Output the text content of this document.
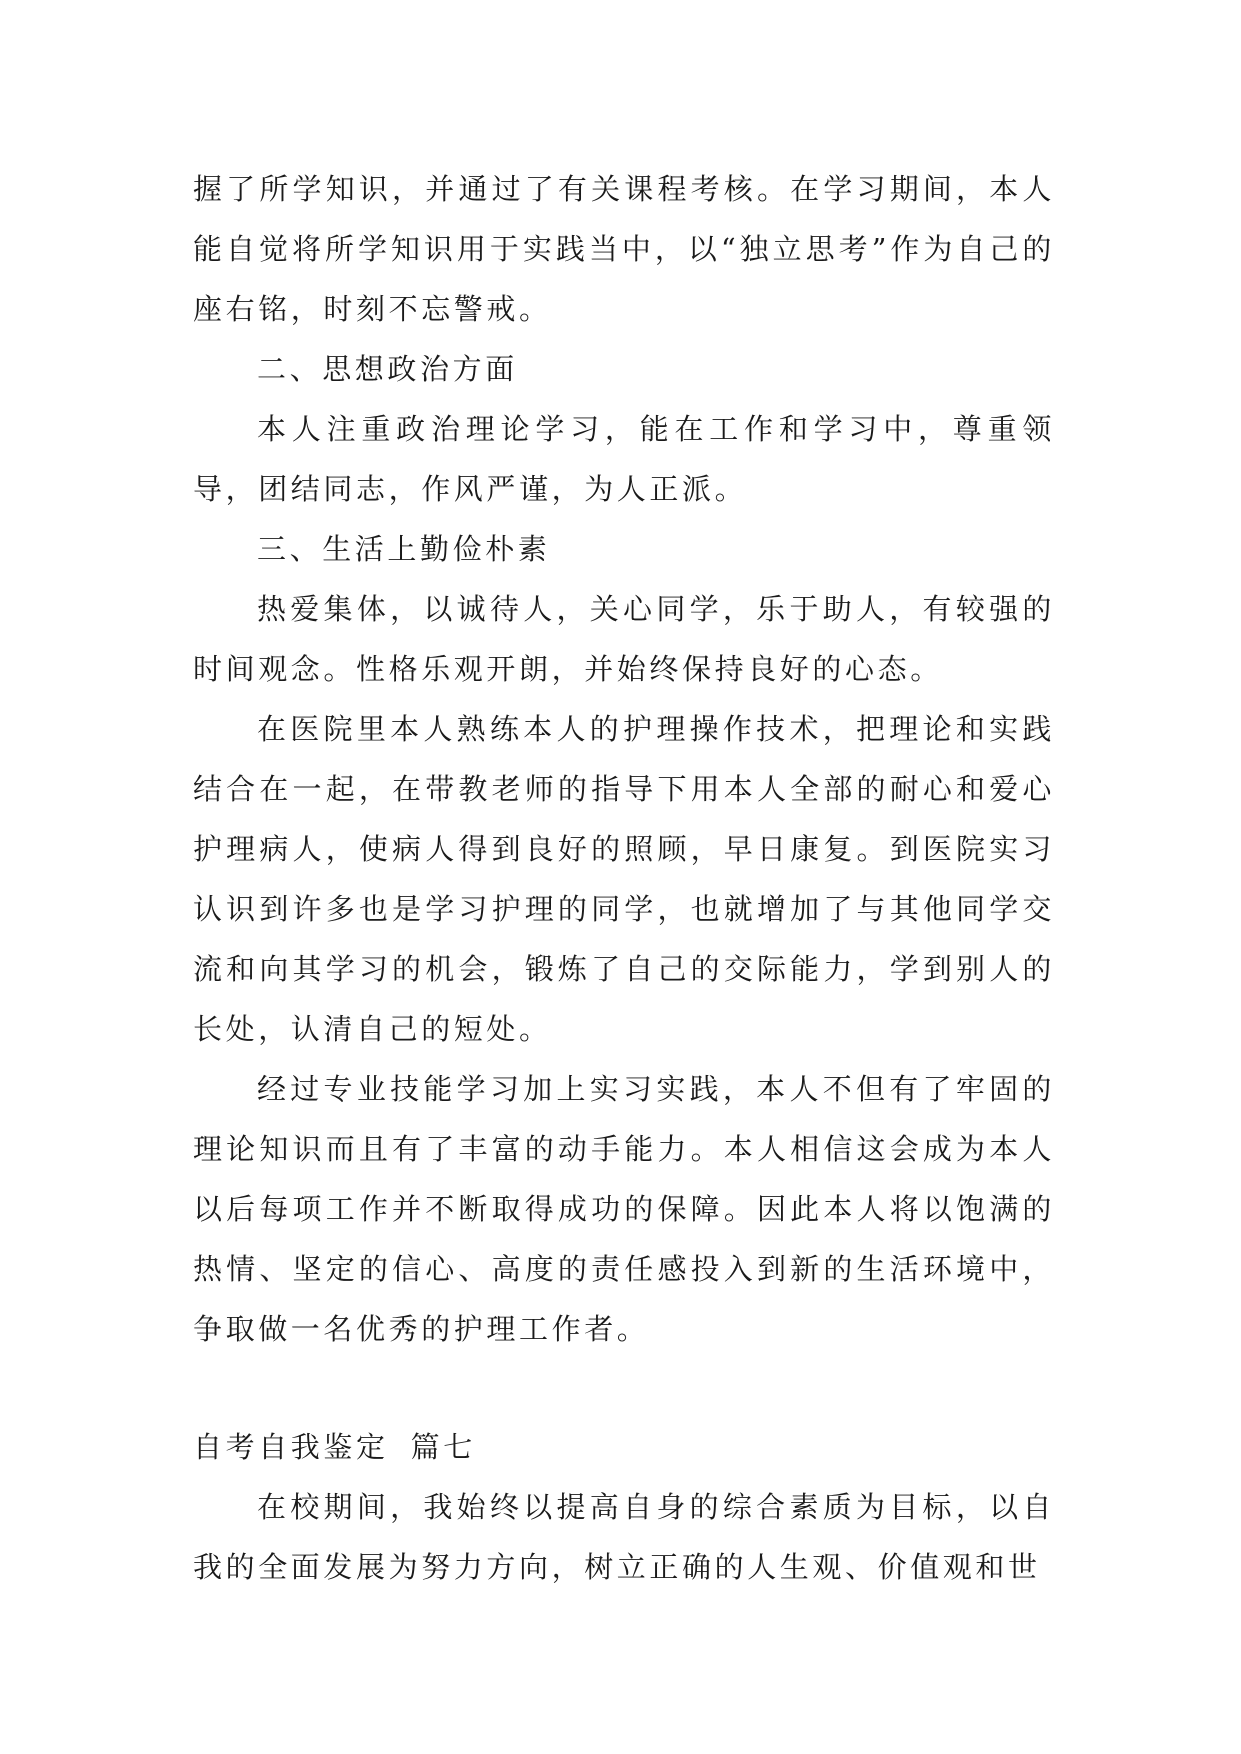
握了所学知识，并通过了有关课程考核。在学习期间，本人能自觉将所学知识用于实践当中，以“独立思考”作为自己的座右铭，时刻不忘警戒。

二、思想政治方面

本人注重政治理论学习，能在工作和学习中，尊重领导，团结同志，作风严谨，为人正派。

三、生活上勤俭朴素

热爱集体，以诚待人，关心同学，乐于助人，有较强的时间观念。性格乐观开朗，并始终保持良好的心态。

在医院里本人熟练本人的护理操作技术，把理论和实践结合在一起，在带教老师的指导下用本人全部的耐心和爱心护理病人，使病人得到良好的照顾，早日康复。到医院实习认识到许多也是学习护理的同学，也就增加了与其他同学交流和向其学习的机会，锻炼了自己的交际能力，学到别人的长处，认清自己的短处。

经过专业技能学习加上实习实践，本人不但有了牢固的理论知识而且有了丰富的动手能力。本人相信这会成为本人以后每项工作并不断取得成功的保障。因此本人将以饱满的热情、坚定的信心、高度的责任感投入到新的生活环境中，争取做一名优秀的护理工作者。

自考自我鉴定 篇七

在校期间，我始终以提高自身的综合素质为目标，以自我的全面发展为努力方向，树立正确的人生观、价值观和世
